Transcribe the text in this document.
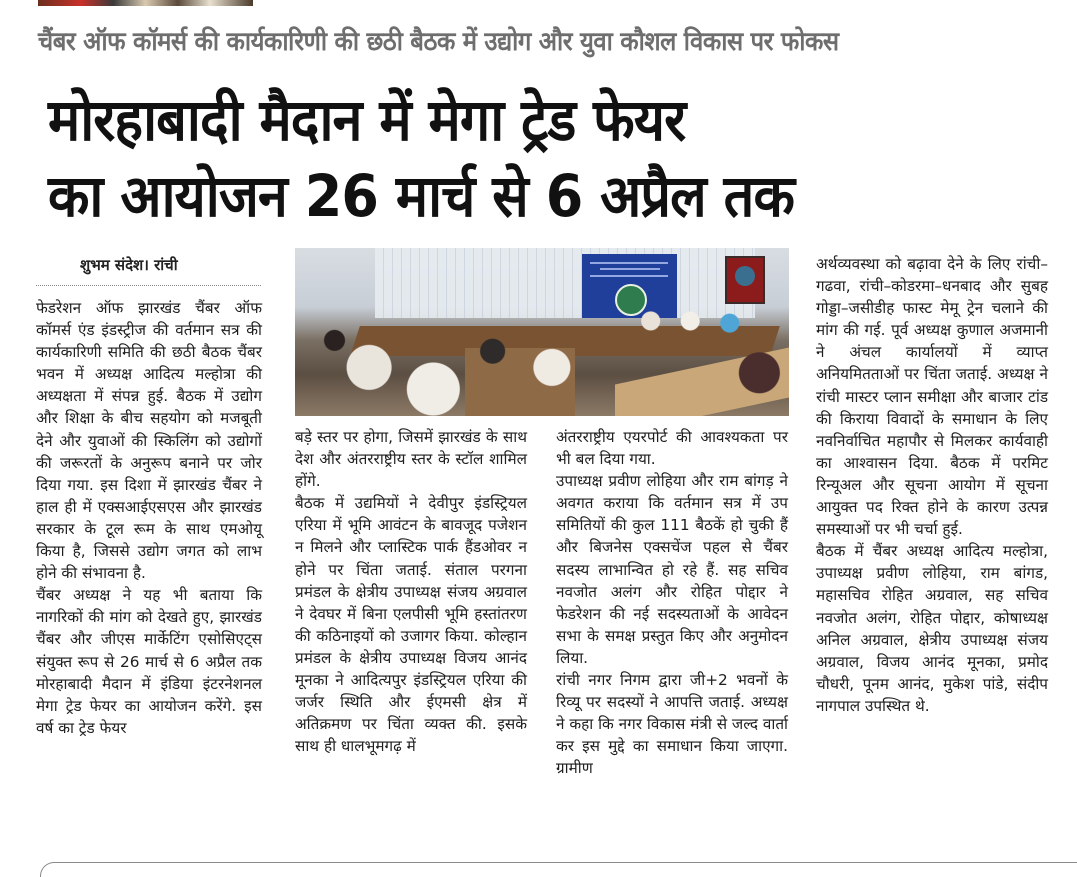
चैंबर ऑफ कॉमर्स की कार्यकारिणी की छठी बैठक में उद्योग और युवा कौशल विकास पर फोकस
मोरहाबादी मैदान में मेगा ट्रेड फेयर
का आयोजन 26 मार्च से 6 अप्रैल तक
शुभम संदेश। रांची

फेडरेशन ऑफ झारखंड चैंबर ऑफ कॉमर्स एंड इंडस्ट्रीज की वर्तमान सत्र की कार्यकारिणी समिति की छठी बैठक चैंबर भवन में अध्यक्ष आदित्य मल्होत्रा की अध्यक्षता में संपन्न हुई. बैठक में उद्योग और शिक्षा के बीच सहयोग को मजबूती देने और युवाओं की स्किलिंग को उद्योगों की जरूरतों के अनुरूप बनाने पर जोर दिया गया. इस दिशा में झारखंड चैंबर ने हाल ही में एक्सआईएसएस और झारखंड सरकार के टूल रूम के साथ एमओयू किया है, जिससे उद्योग जगत को लाभ होने की संभावना है.

चैंबर अध्यक्ष ने यह भी बताया कि नागरिकों की मांग को देखते हुए, झारखंड चैंबर और जीएस मार्केटिंग एसोसिएट्स संयुक्त रूप से 26 मार्च से 6 अप्रैल तक मोरहाबादी मैदान में इंडिया इंटरनेशनल मेगा ट्रेड फेयर का आयोजन करेंगे. इस वर्ष का ट्रेड फेयर

बड़े स्तर पर होगा, जिसमें झारखंड के साथ देश और अंतरराष्ट्रीय स्तर के स्टॉल शामिल होंगे.

बैठक में उद्यमियों ने देवीपुर इंडस्ट्रियल एरिया में भूमि आवंटन के बावजूद पजेशन न मिलने और प्लास्टिक पार्क हैंडओवर न होने पर चिंता जताई. संताल परगना प्रमंडल के क्षेत्रीय उपाध्यक्ष संजय अग्रवाल ने देवघर में बिना एलपीसी भूमि हस्तांतरण की कठिनाइयों को उजागर किया. कोल्हान प्रमंडल के क्षेत्रीय उपाध्यक्ष विजय आनंद मूनका ने आदित्यपुर इंडस्ट्रियल एरिया की जर्जर स्थिति और ईएमसी क्षेत्र में अतिक्रमण पर चिंता व्यक्त की. इसके साथ ही धालभूमगढ़ में

अंतरराष्ट्रीय एयरपोर्ट की आवश्यकता पर भी बल दिया गया.

उपाध्यक्ष प्रवीण लोहिया और राम बांगड़ ने अवगत कराया कि वर्तमान सत्र में उप समितियों की कुल 111 बैठकें हो चुकी हैं और बिजनेस एक्सचेंज पहल से चैंबर सदस्य लाभान्वित हो रहे हैं. सह सचिव नवजोत अलंग और रोहित पोद्दार ने फेडरेशन की नई सदस्यताओं के आवेदन सभा के समक्ष प्रस्तुत किए और अनुमोदन लिया.

रांची नगर निगम द्वारा जी+2 भवनों के रिव्यू पर सदस्यों ने आपत्ति जताई. अध्यक्ष ने कहा कि नगर विकास मंत्री से जल्द वार्ता कर इस मुद्दे का समाधान किया जाएगा. ग्रामीण

अर्थव्यवस्था को बढ़ावा देने के लिए रांची–गढवा, रांची–कोडरमा–धनबाद और सुबह गोड्डा–जसीडीह फास्ट मेमू ट्रेन चलाने की मांग की गई. पूर्व अध्यक्ष कुणाल अजमानी ने अंचल कार्यालयों में व्याप्त अनियमितताओं पर चिंता जताई. अध्यक्ष ने रांची मास्टर प्लान समीक्षा और बाजार टांड की किराया विवादों के समाधान के लिए नवनिर्वाचित महापौर से मिलकर कार्यवाही का आश्वासन दिया. बैठक में परमिट रिन्यूअल और सूचना आयोग में सूचना आयुक्त पद रिक्त होने के कारण उत्पन्न समस्याओं पर भी चर्चा हुई.

बैठक में चैंबर अध्यक्ष आदित्य मल्होत्रा, उपाध्यक्ष प्रवीण लोहिया, राम बांगड, महासचिव रोहित अग्रवाल, सह सचिव नवजोत अलंग, रोहित पोद्दार, कोषाध्यक्ष अनिल अग्रवाल, क्षेत्रीय उपाध्यक्ष संजय अग्रवाल, विजय आनंद मूनका, प्रमोद चौधरी, पूनम आनंद, मुकेश पांडे, संदीप नागपाल उपस्थित थे.
